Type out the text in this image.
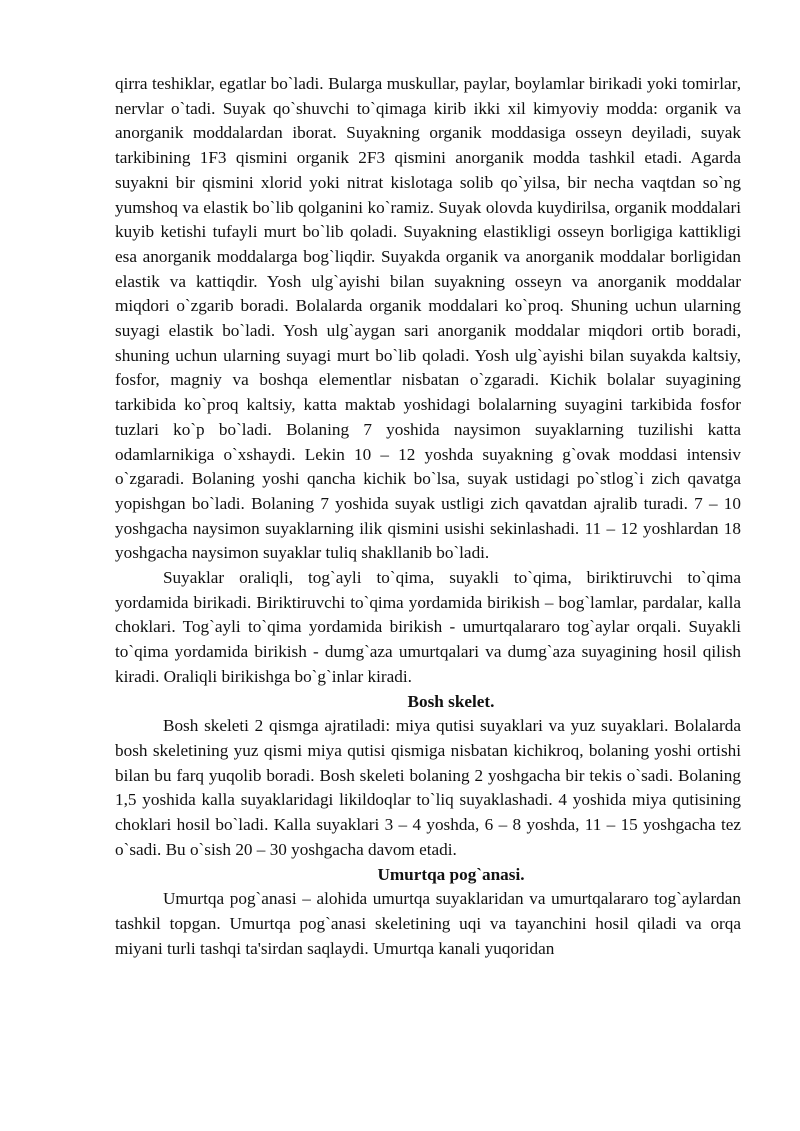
qirra teshiklar, egatlar bo`ladi. Bularga muskullar, paylar, boylamlar birikadi yoki tomirlar, nervlar o`tadi. Suyak qo`shuvchi to`qimaga kirib ikki xil kimyoviy modda: organik va anorganik moddalardan iborat. Suyakning organik moddasiga osseyn deyiladi, suyak tarkibining 1F3 qismini organik 2F3 qismini anorganik modda tashkil etadi. Agarda suyakni bir qismini xlorid yoki nitrat kislotaga solib qo`yilsa, bir necha vaqtdan so`ng yumshoq va elastik bo`lib qolganini ko`ramiz. Suyak olovda kuydirilsa, organik moddalari kuyib ketishi tufayli murt bo`lib qoladi. Suyakning elastikligi osseyn borligiga kattikligi esa anorganik moddalarga bog`liqdir. Suyakda organik va anorganik moddalar borligidan elastik va kattiqdir. Yosh ulg`ayishi bilan suyakning osseyn va anorganik moddalar miqdori o`zgarib boradi. Bolalarda organik moddalari ko`proq. Shuning uchun ularning suyagi elastik bo`ladi. Yosh ulg`aygan sari anorganik moddalar miqdori ortib boradi, shuning uchun ularning suyagi murt bo`lib qoladi. Yosh ulg`ayishi bilan suyakda kaltsiy, fosfor, magniy va boshqa elementlar nisbatan o`zgaradi. Kichik bolalar suyagining tarkibida ko`proq kaltsiy, katta maktab yoshidagi bolalarning suyagini tarkibida fosfor tuzlari ko`p bo`ladi. Bolaning 7 yoshida naysimon suyaklarning tuzilishi katta odamlarnikiga o`xshaydi. Lekin 10 – 12 yoshda suyakning g`ovak moddasi intensiv o`zgaradi. Bolaning yoshi qancha kichik bo`lsa, suyak ustidagi po`stlog`i zich qavatga yopishgan bo`ladi. Bolaning 7 yoshida suyak ustligi zich qavatdan ajralib turadi. 7 – 10 yoshgacha naysimon suyaklarning ilik qismini usishi sekinlashadi. 11 – 12 yoshlardan 18 yoshgacha naysimon suyaklar tuliq shakllanib bo`ladi.

Suyaklar oraliqli, tog`ayli to`qima, suyakli to`qima, biriktiruvchi to`qima yordamida birikadi. Biriktiruvchi to`qima yordamida birikish – bog`lamlar, pardalar, kalla choklari. Tog`ayli to`qima yordamida birikish - umurtqalararo tog`aylar orqali. Suyakli to`qima yordamida birikish - dumg`aza umurtqalari va dumg`aza suyagining hosil qilish kiradi. Oraliqli birikishga bo`g`inlar kiradi.

Bosh skelet.

Bosh skeleti 2 qismga ajratiladi: miya qutisi suyaklari va yuz suyaklari. Bolalarda bosh skeletining yuz qismi miya qutisi qismiga nisbatan kichikroq, bolaning yoshi ortishi bilan bu farq yuqolib boradi. Bosh skeleti bolaning 2 yoshgacha bir tekis o`sadi. Bolaning 1,5 yoshida kalla suyaklaridagi likildoqlar to`liq suyaklashadi. 4 yoshida miya qutisining choklari hosil bo`ladi. Kalla suyaklari 3 – 4 yoshda, 6 – 8 yoshda, 11 – 15 yoshgacha tez o`sadi. Bu o`sish 20 – 30 yoshgacha davom etadi.

Umurtqa pog`anasi.

Umurtqa pog`anasi – alohida umurtqa suyaklaridan va umurtqalararo tog`aylardan tashkil topgan. Umurtqa pog`anasi skeletining uqi va tayanchini hosil qiladi va orqa miyani turli tashqi ta'sirdan saqlaydi. Umurtqa kanali yuqoridan
